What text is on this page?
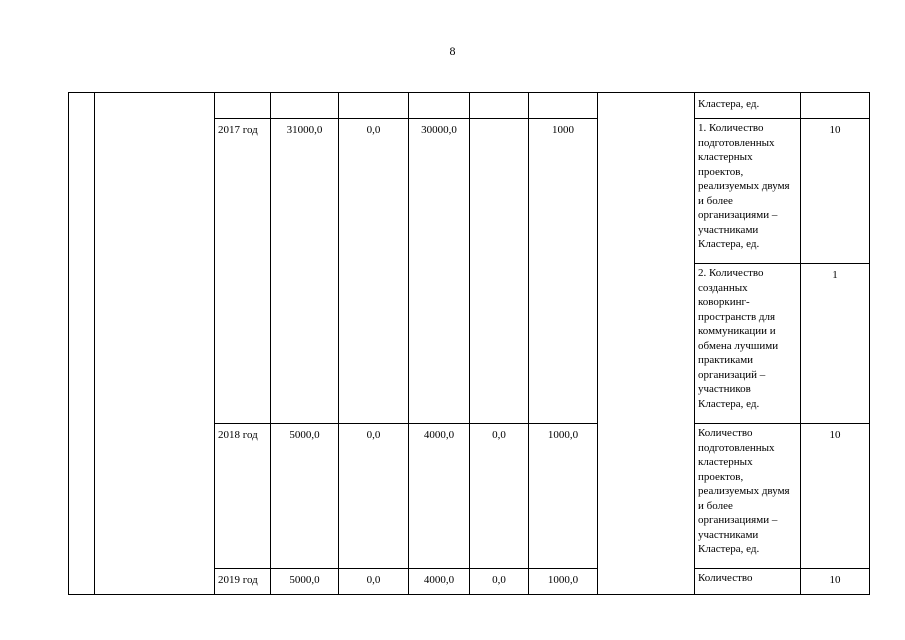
8
									Кластера, ед.	
		2017 год	31000,0	0,0	30000,0		1000		1. Количество подготовленных кластерных проектов, реализуемых двумя и более организациями – участниками Кластера, ед.	10
									2. Количество созданных коворкинг-пространств для коммуникации и обмена лучшими практиками организаций – участников Кластера, ед.	1
		2018 год	5000,0	0,0	4000,0	0,0	1000,0		Количество подготовленных кластерных проектов, реализуемых двумя и более организациями – участниками Кластера, ед.	10
		2019 год	5000,0	0,0	4000,0	0,0	1000,0		Количество	10
